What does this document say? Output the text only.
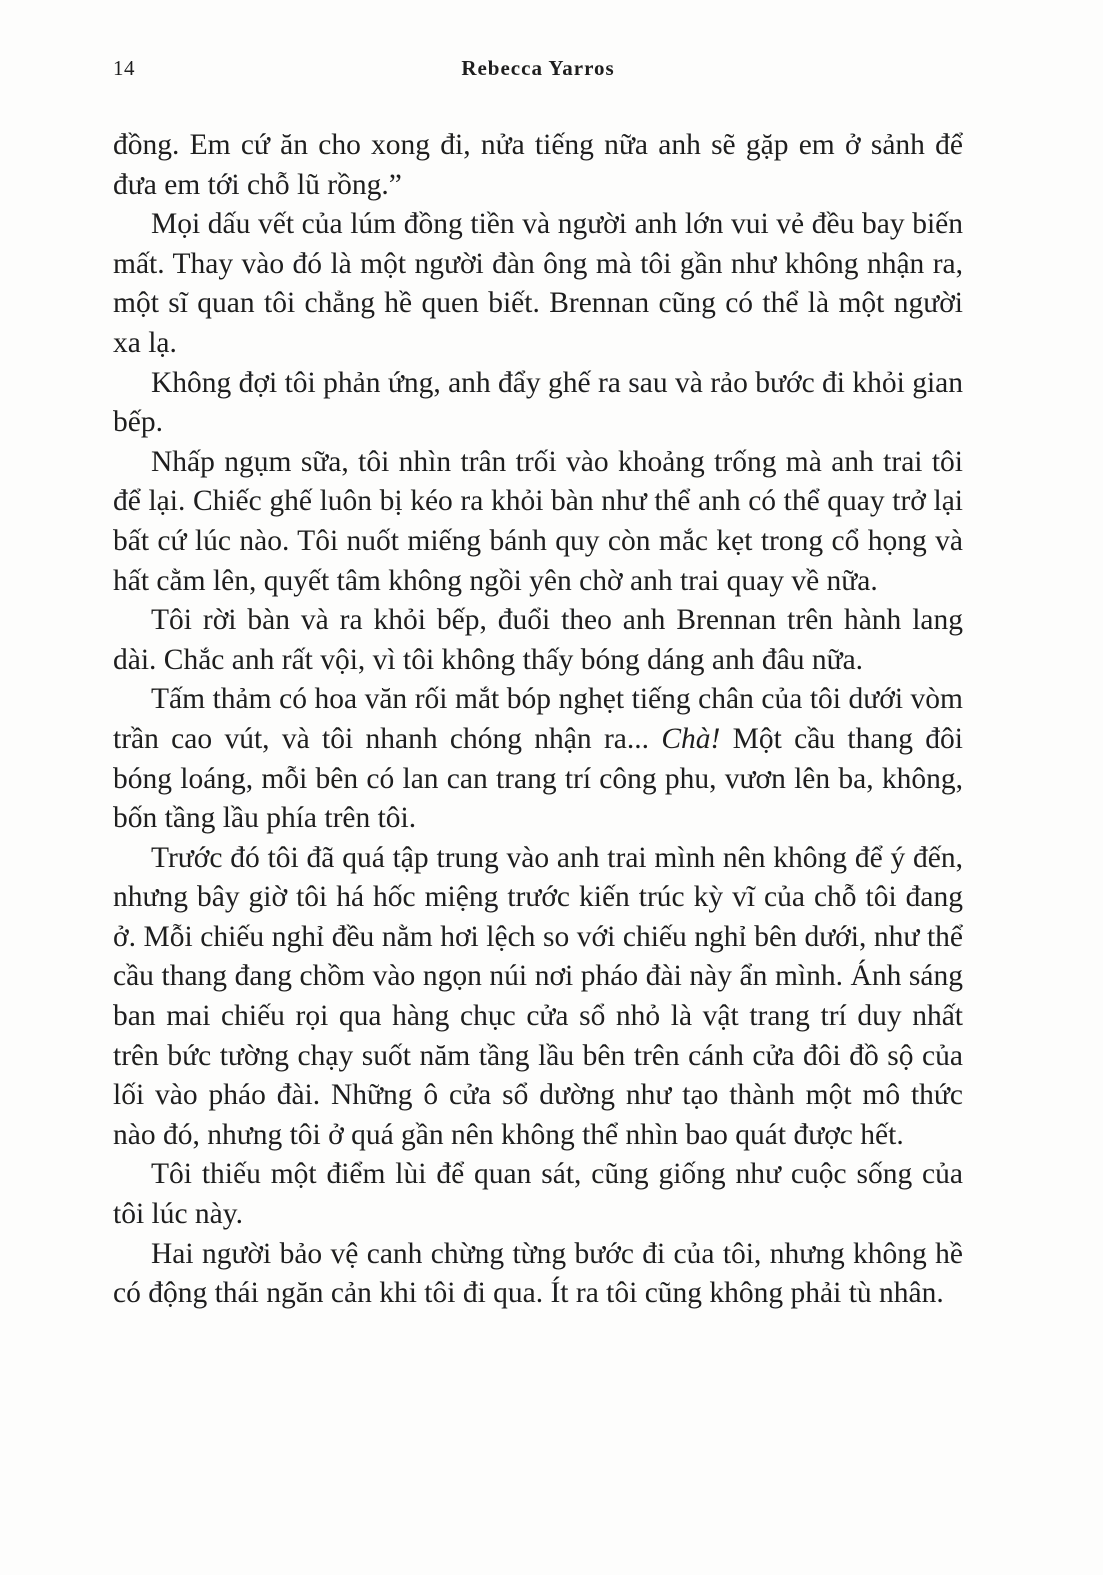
14	Rebecca Yarros

đồng. Em cứ ăn cho xong đi, nửa tiếng nữa anh sẽ gặp em ở sảnh để đưa em tới chỗ lũ rồng.”

Mọi dấu vết của lúm đồng tiền và người anh lớn vui vẻ đều bay biến mất. Thay vào đó là một người đàn ông mà tôi gần như không nhận ra, một sĩ quan tôi chẳng hề quen biết. Brennan cũng có thể là một người xa lạ.

Không đợi tôi phản ứng, anh đẩy ghế ra sau và rảo bước đi khỏi gian bếp.

Nhấp ngụm sữa, tôi nhìn trân trối vào khoảng trống mà anh trai tôi để lại. Chiếc ghế luôn bị kéo ra khỏi bàn như thể anh có thể quay trở lại bất cứ lúc nào. Tôi nuốt miếng bánh quy còn mắc kẹt trong cổ họng và hất cằm lên, quyết tâm không ngồi yên chờ anh trai quay về nữa.

Tôi rời bàn và ra khỏi bếp, đuổi theo anh Brennan trên hành lang dài. Chắc anh rất vội, vì tôi không thấy bóng dáng anh đâu nữa.

Tấm thảm có hoa văn rối mắt bóp nghẹt tiếng chân của tôi dưới vòm trần cao vút, và tôi nhanh chóng nhận ra... Chà! Một cầu thang đôi bóng loáng, mỗi bên có lan can trang trí công phu, vươn lên ba, không, bốn tầng lầu phía trên tôi.

Trước đó tôi đã quá tập trung vào anh trai mình nên không để ý đến, nhưng bây giờ tôi há hốc miệng trước kiến trúc kỳ vĩ của chỗ tôi đang ở. Mỗi chiếu nghỉ đều nằm hơi lệch so với chiếu nghỉ bên dưới, như thể cầu thang đang chồm vào ngọn núi nơi pháo đài này ẩn mình. Ánh sáng ban mai chiếu rọi qua hàng chục cửa sổ nhỏ là vật trang trí duy nhất trên bức tường chạy suốt năm tầng lầu bên trên cánh cửa đôi đồ sộ của lối vào pháo đài. Những ô cửa sổ dường như tạo thành một mô thức nào đó, nhưng tôi ở quá gần nên không thể nhìn bao quát được hết.

Tôi thiếu một điểm lùi để quan sát, cũng giống như cuộc sống của tôi lúc này.

Hai người bảo vệ canh chừng từng bước đi của tôi, nhưng không hề có động thái ngăn cản khi tôi đi qua. Ít ra tôi cũng không phải tù nhân.
